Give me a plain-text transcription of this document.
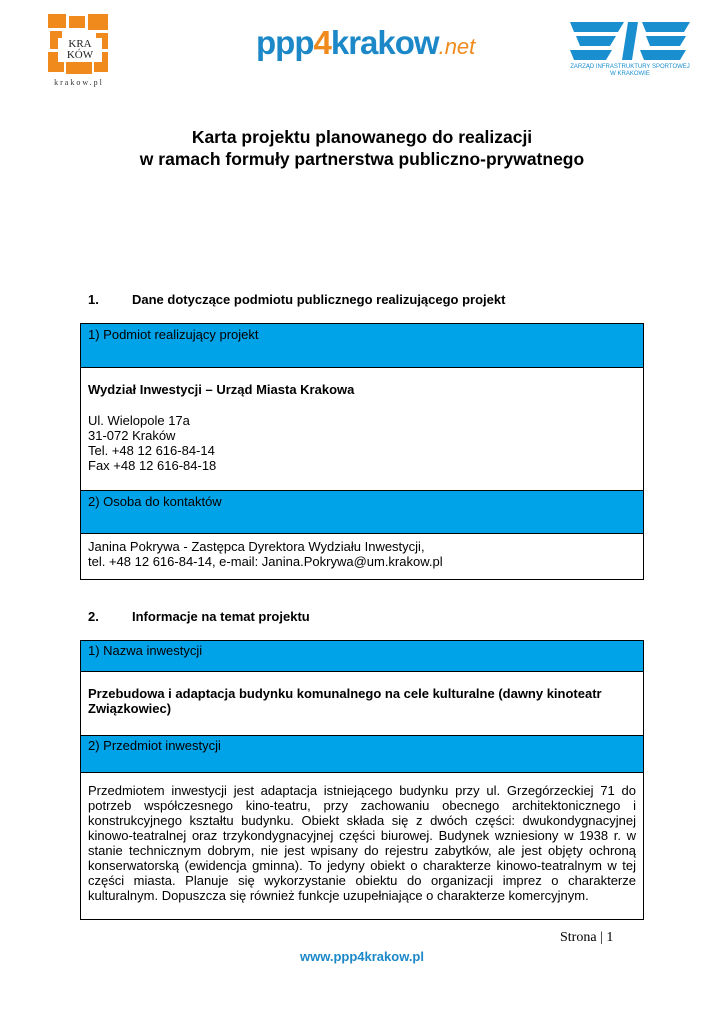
KRA
KÓW
krakow.pl
ppp4krakow.net
ZARZĄD INFRASTRUKTURY SPORTOWEJ
W KRAKOWIE
Karta projektu planowanego do realizacji
w ramach formuły partnerstwa publiczno-prywatnego
1.	Dane dotyczące podmiotu publicznego realizującego projekt
1) Podmiot realizujący projekt
Wydział Inwestycji – Urząd Miasta Krakowa
Ul. Wielopole 17a
31-072 Kraków
Tel. +48 12 616-84-14
Fax +48 12 616-84-18
2) Osoba do kontaktów
Janina Pokrywa - Zastępca Dyrektora Wydziału Inwestycji,
tel. +48 12 616-84-14, e-mail: Janina.Pokrywa@um.krakow.pl
2.	Informacje na temat projektu
1) Nazwa inwestycji
Przebudowa i adaptacja budynku komunalnego na cele kulturalne (dawny kinoteatr Związkowiec)
2) Przedmiot inwestycji
Przedmiotem inwestycji jest adaptacja istniejącego budynku przy ul. Grzegórzeckiej 71 do potrzeb współczesnego kino-teatru, przy zachowaniu obecnego architektonicznego i konstrukcyjnego kształtu budynku. Obiekt składa się z dwóch części: dwukondygnacyjnej kinowo-teatralnej oraz trzykondygnacyjnej części biurowej. Budynek wzniesiony w 1938 r. w stanie technicznym dobrym, nie jest wpisany do rejestru zabytków, ale jest objęty ochroną konserwatorską (ewidencja gminna). To jedyny obiekt o charakterze kinowo-teatralnym w tej części miasta. Planuje się wykorzystanie obiektu do organizacji imprez o charakterze kulturalnym. Dopuszcza się również funkcje uzupełniające o charakterze komercyjnym.
Strona | 1
www.ppp4krakow.pl
